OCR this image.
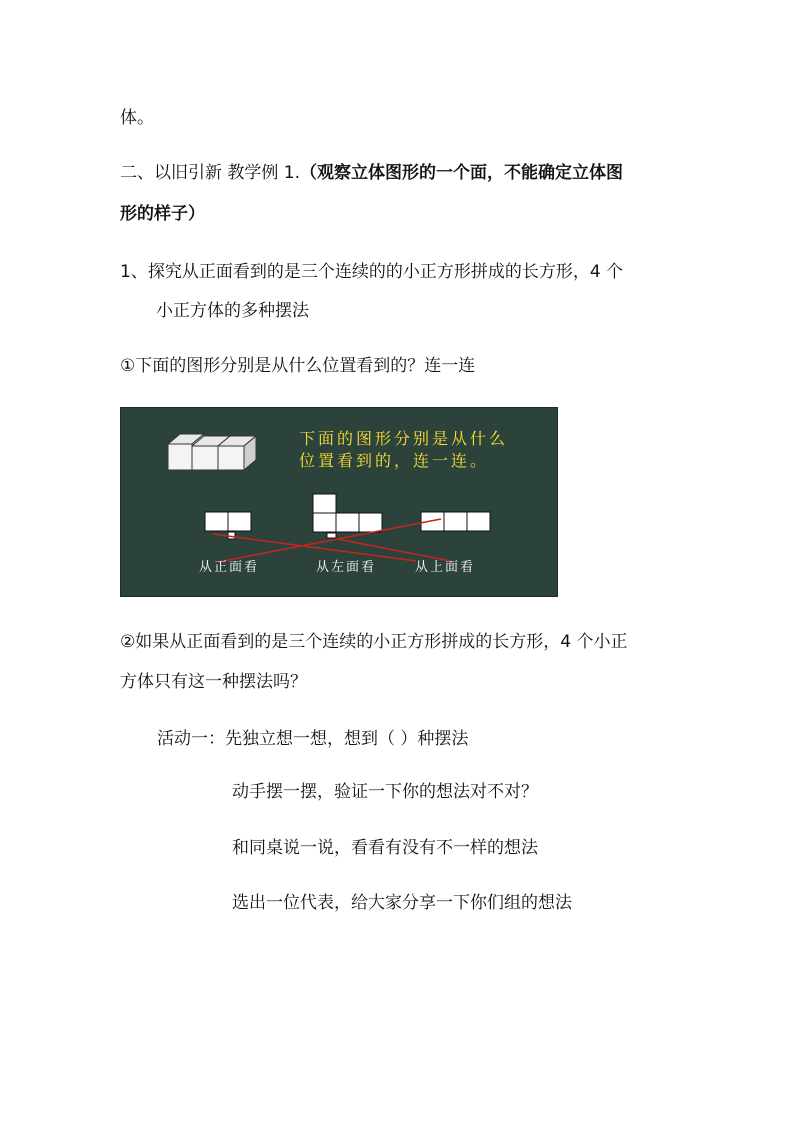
体。
二、以旧引新 教学例 1.（观察立体图形的一个面，不能确定立体图
形的样子）
1、探究从正面看到的是三个连续的的小正方形拼成的长方形，4 个
小正方体的多种摆法
①下面的图形分别是从什么位置看到的？连一连
下面的图形分别是从什么
位置看到的，连一连。
从正面看	从左面看	从上面看
②如果从正面看到的是三个连续的小正方形拼成的长方形，4 个小正
方体只有这一种摆法吗？
活动一：先独立想一想，想到（ ）种摆法
动手摆一摆，验证一下你的想法对不对？
和同桌说一说，看看有没有不一样的想法
选出一位代表，给大家分享一下你们组的想法
